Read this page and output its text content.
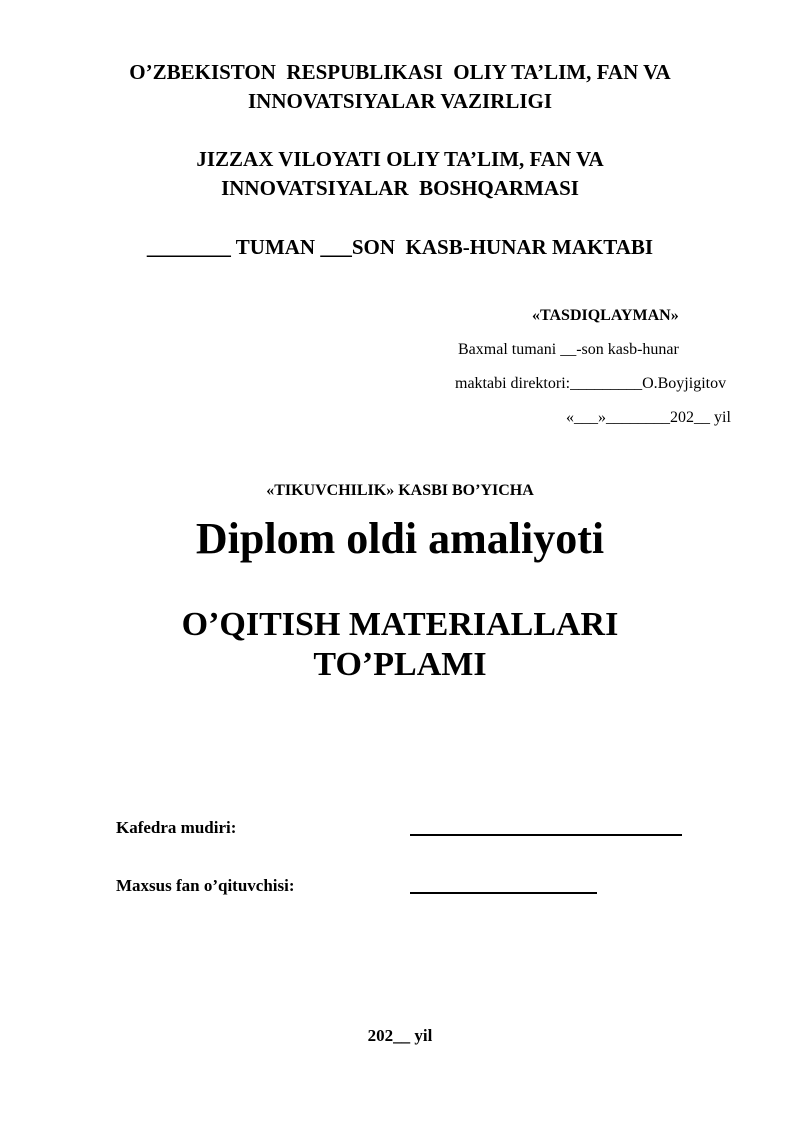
O’ZBEKISTON  RESPUBLIKASI  OLIY TA’LIM, FAN VA
INNOVATSIYALAR VAZIRLIGI
JIZZAX VILOYATI OLIY TA’LIM, FAN VA
INNOVATSIYALAR  BOSHQARMASI
________ TUMAN ___SON  KASB-HUNAR MAKTABI
«TASDIQLAYMAN»
Baxmal tumani __-son kasb-hunar
maktabi direktori:_________O.Boyjigitov
«___»________202__ yil
«TIKUVCHILIK» KASBI BO’YICHA
Diplom oldi amaliyoti
O’QITISH MATERIALLARI
TO’PLAMI
Kafedra mudiri:
Maxsus fan o’qituvchisi:
202__ yil
